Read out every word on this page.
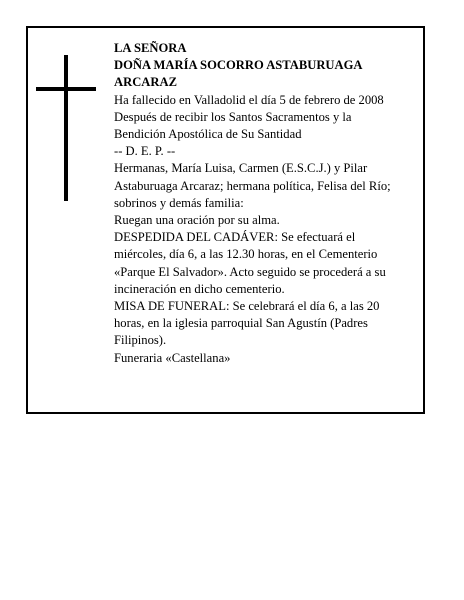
LA SEÑORA

DOÑA MARÍA SOCORRO ASTABURUAGA

ARCARAZ

Ha fallecido en Valladolid el día 5 de febrero de 2008

Después de recibir los Santos Sacramentos y la

Bendición Apostólica de Su Santidad

-- D. E. P. --

Hermanas, María Luisa, Carmen (E.S.C.J.) y Pilar

Astaburuaga Arcaraz; hermana política, Felisa del Río;

sobrinos y demás familia:

Ruegan una oración por su alma.

DESPEDIDA DEL CADÁVER: Se efectuará el

miércoles, día 6, a las 12.30 horas, en el Cementerio

«Parque El Salvador». Acto seguido se procederá a su

incineración en dicho cementerio.

MISA DE FUNERAL: Se celebrará el día 6, a las 20

horas, en la iglesia parroquial San Agustín (Padres

Filipinos).

Funeraria «Castellana»
